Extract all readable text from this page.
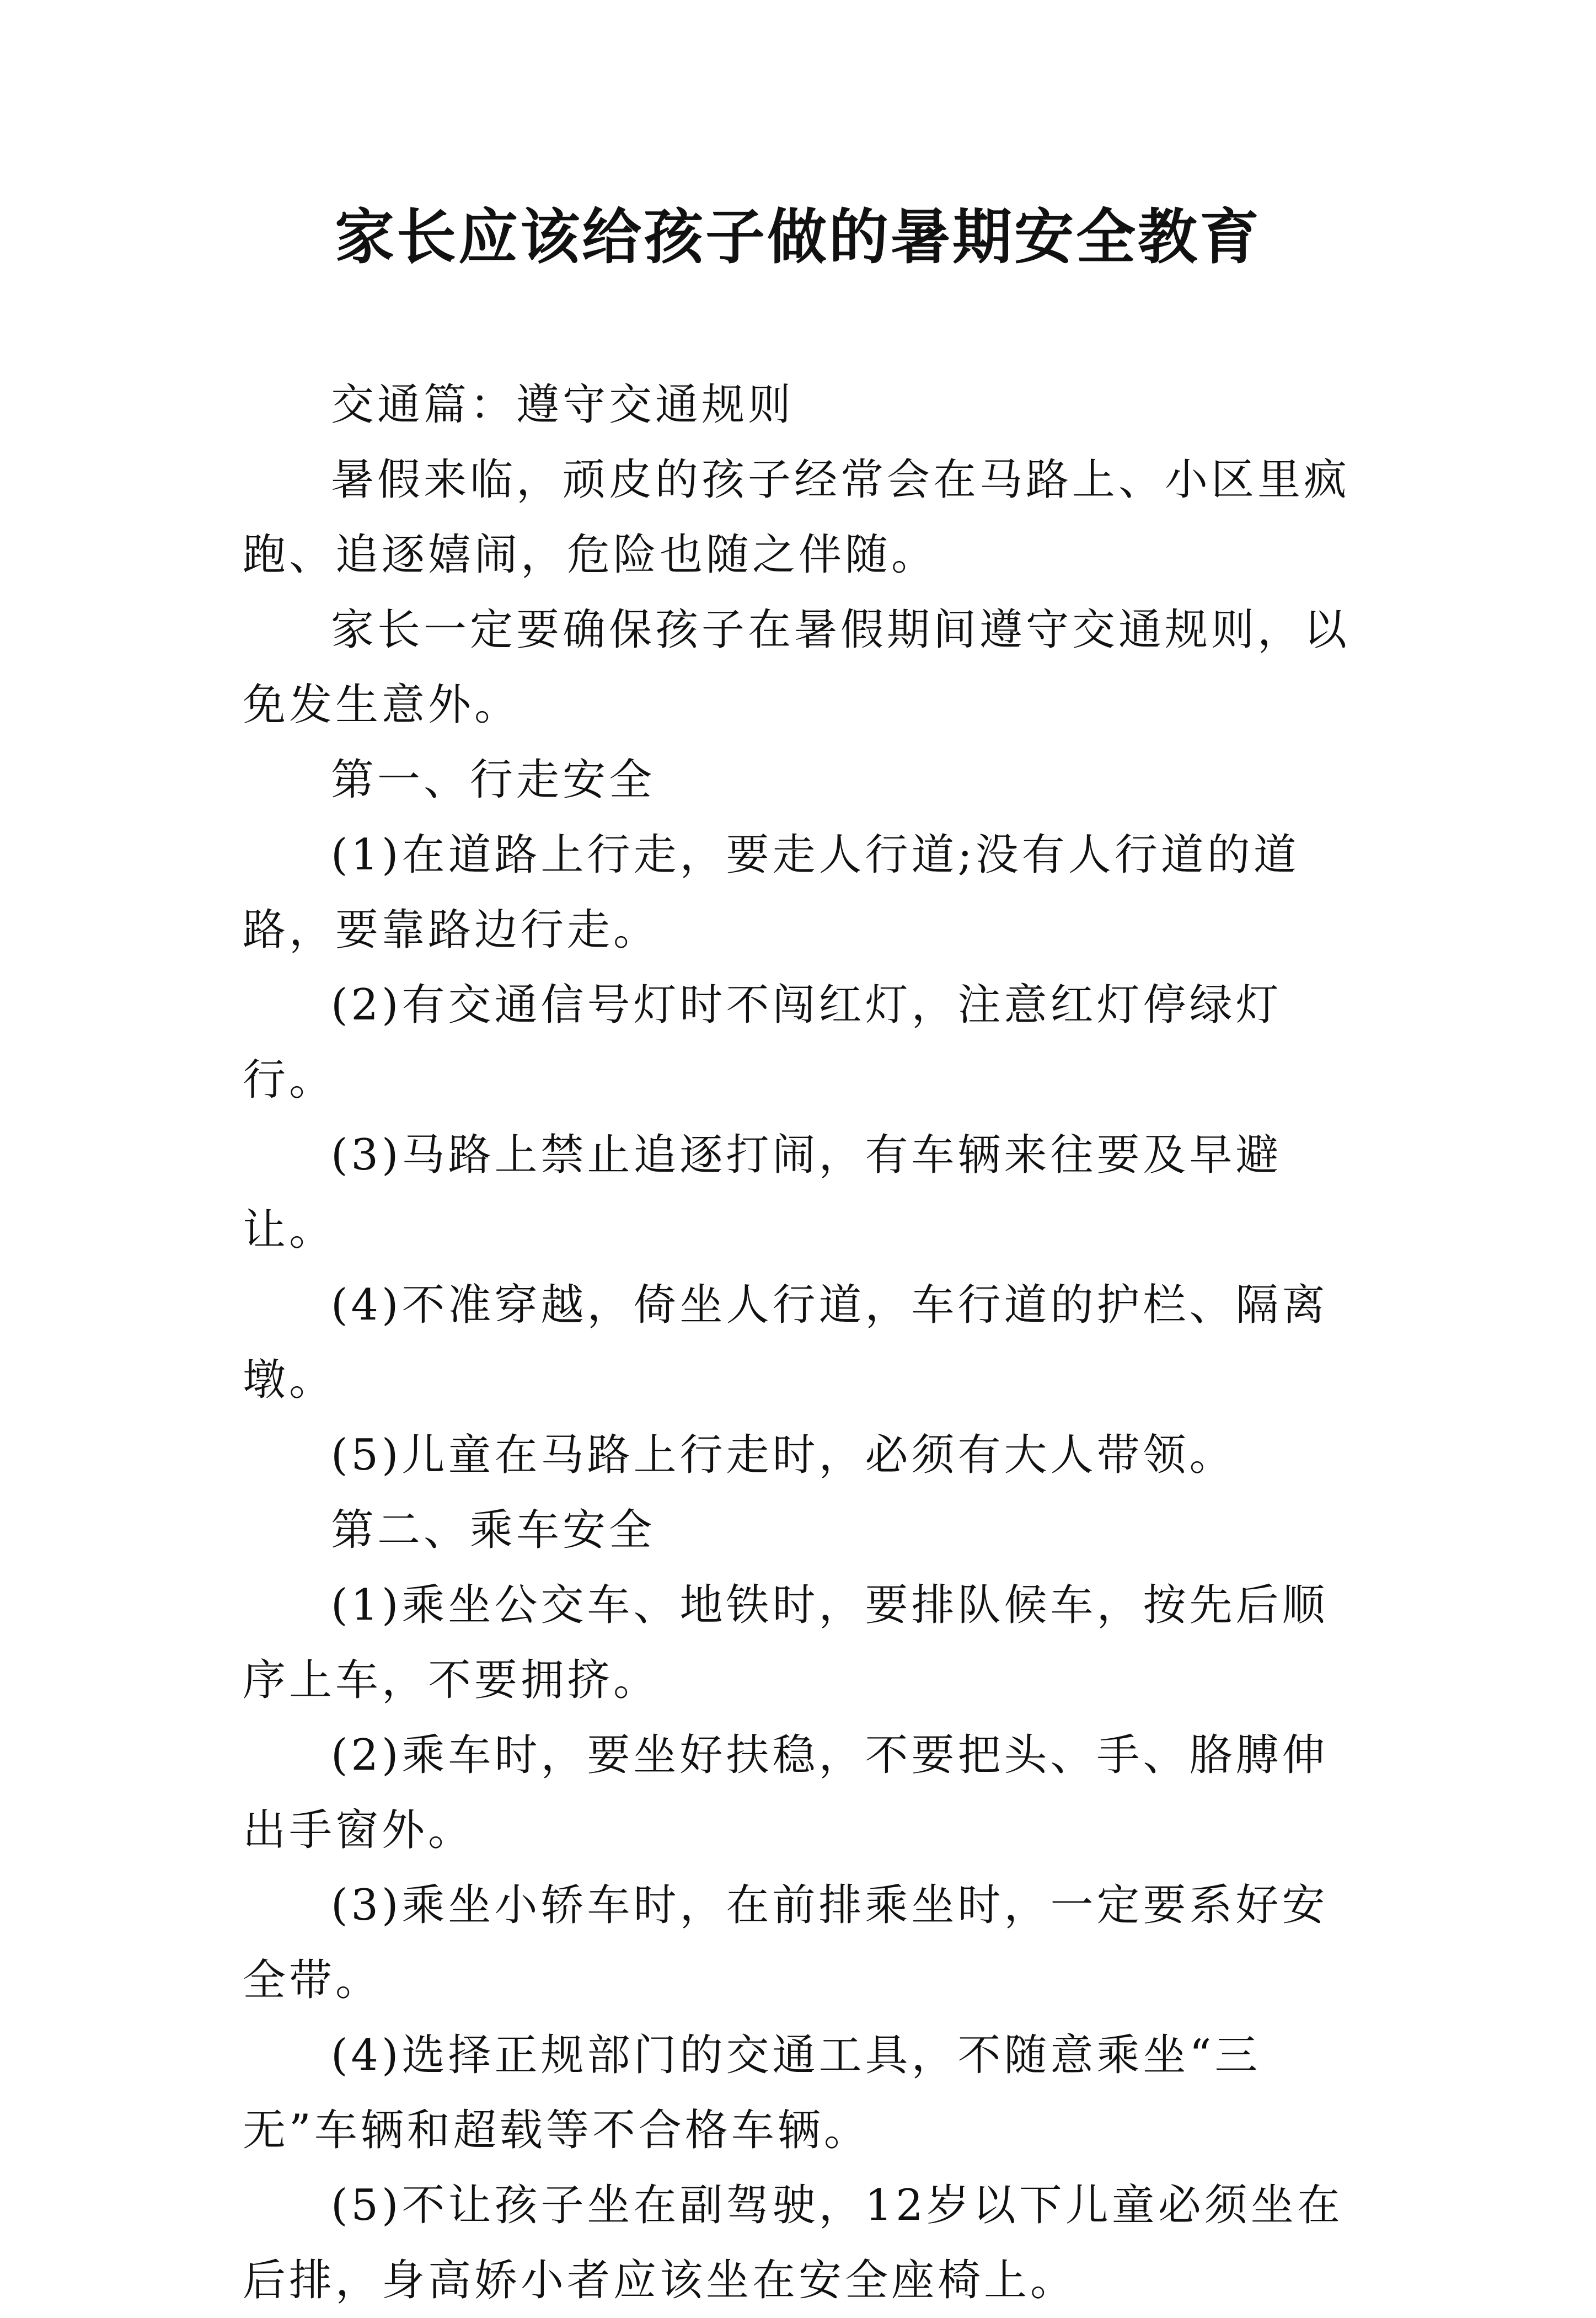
家长应该给孩子做的暑期安全教育

交通篇：遵守交通规则

暑假来临，顽皮的孩子经常会在马路上、小区里疯跑、追逐嬉闹，危险也随之伴随。

家长一定要确保孩子在暑假期间遵守交通规则，以免发生意外。

第一、行走安全

(1)在道路上行走，要走人行道;没有人行道的道路，要靠路边行走。

(2)有交通信号灯时不闯红灯，注意红灯停绿灯行。

(3)马路上禁止追逐打闹，有车辆来往要及早避让。

(4)不准穿越，倚坐人行道，车行道的护栏、隔离墩。

(5)儿童在马路上行走时，必须有大人带领。

第二、乘车安全

(1)乘坐公交车、地铁时，要排队候车，按先后顺序上车，不要拥挤。

(2)乘车时，要坐好扶稳，不要把头、手、胳膊伸出手窗外。

(3)乘坐小轿车时，在前排乘坐时，一定要系好安全带。

(4)选择正规部门的交通工具，不随意乘坐“三无”车辆和超载等不合格车辆。

(5)不让孩子坐在副驾驶，12岁以下儿童必须坐在后排，身高娇小者应该坐在安全座椅上。
